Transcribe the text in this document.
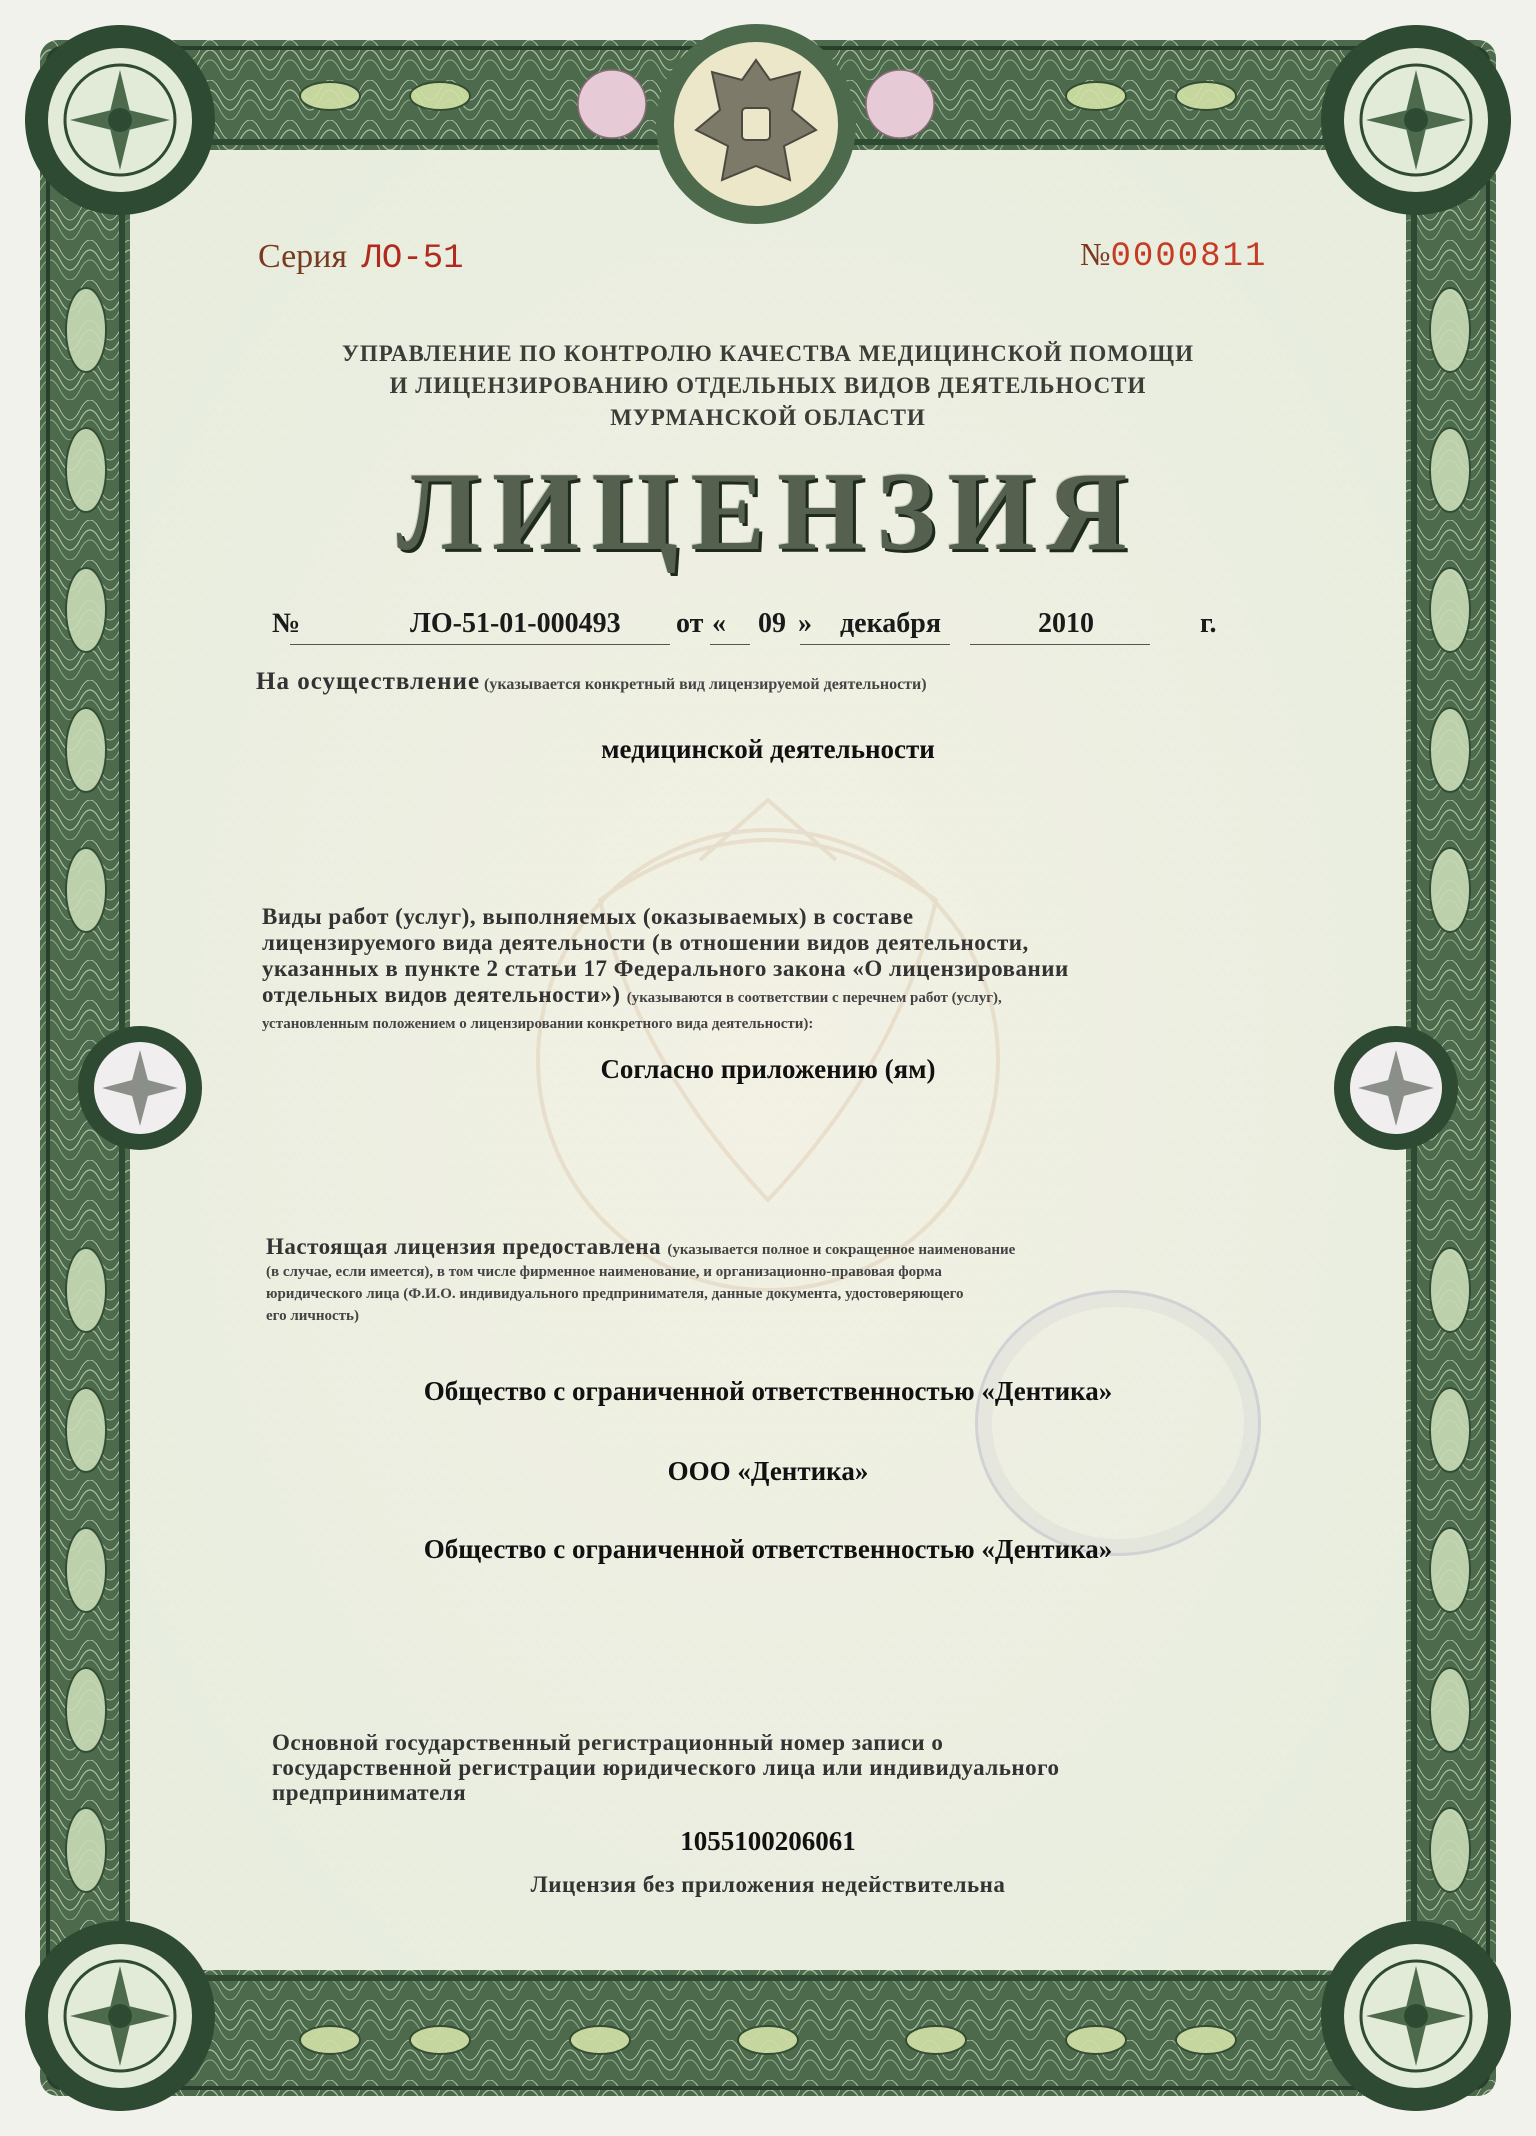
Серия ЛО-51	№0000811
УПРАВЛЕНИЕ ПО КОНТРОЛЮ КАЧЕСТВА МЕДИЦИНСКОЙ ПОМОЩИ
И ЛИЦЕНЗИРОВАНИЮ ОТДЕЛЬНЫХ ВИДОВ ДЕЯТЕЛЬНОСТИ
МУРМАНСКОЙ ОБЛАСТИ
ЛИЦЕНЗИЯ
№	ЛО-51-01-000493 от « 09 » декабря	2010	г.
На осуществление (указывается конкретный вид лицензируемой деятельности)
медицинской деятельности
Виды работ (услуг), выполняемых (оказываемых) в составе
лицензируемого вида деятельности (в отношении видов деятельности,
указанных в пункте 2 статьи 17 Федерального закона «О лицензировании
отдельных видов деятельности») (указываются в соответствии с перечнем работ (услуг),
установленным положением о лицензировании конкретного вида деятельности):
Согласно приложению (ям)
Настоящая лицензия предоставлена (указывается полное и сокращенное наименование
(в случае, если имеется), в том числе фирменное наименование, и организационно-правовая форма
юридического лица (Ф.И.О. индивидуального предпринимателя, данные документа, удостоверяющего
его личность)
Общество с ограниченной ответственностью «Дентика»
ООО «Дентика»
Общество с ограниченной ответственностью «Дентика»
Основной государственный регистрационный номер записи о
государственной регистрации юридического лица или индивидуального
предпринимателя
1055100206061
Лицензия без приложения недействительна
